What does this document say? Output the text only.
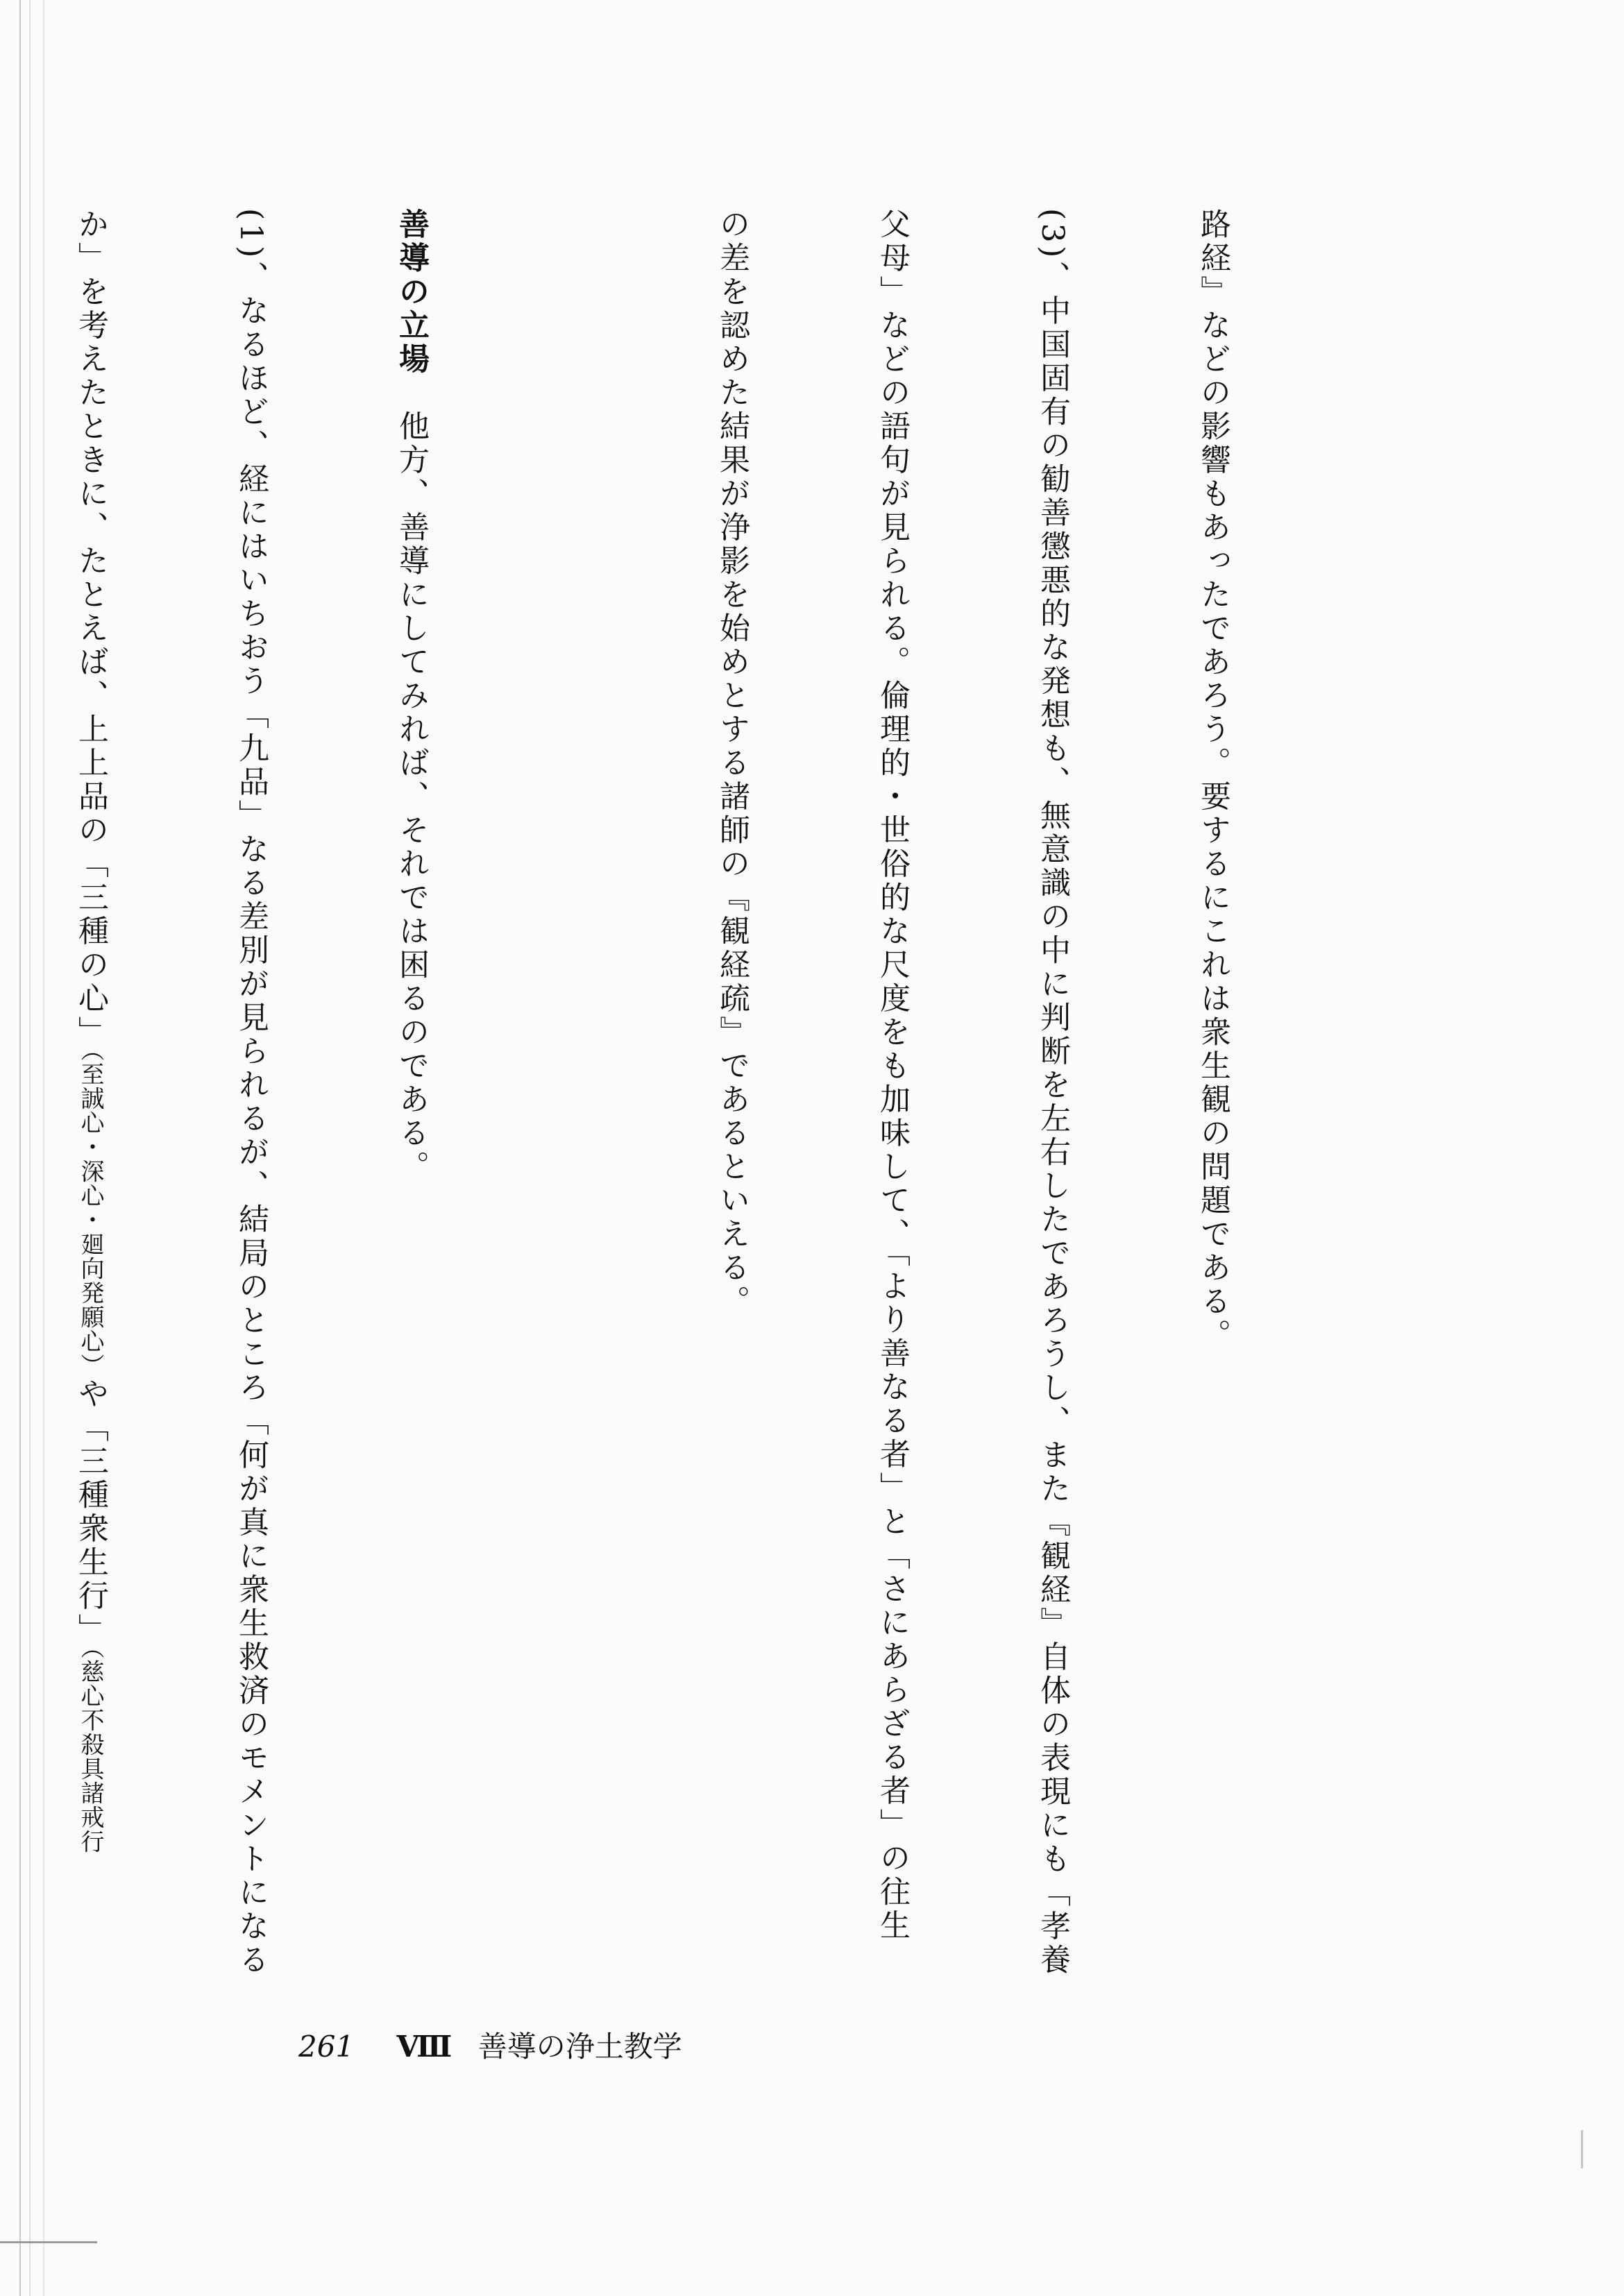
路経』などの影響もあったであろう。要するにこれは衆生観の問題である。

(3)、中国固有の勧善懲悪的な発想も、無意識の中に判断を左右したであろうし、また『観経』自体の表現にも「孝養

父母」などの語句が見られる。倫理的・世俗的な尺度をも加味して、「より善なる者」と「さにあらざる者」の往生

の差を認めた結果が浄影を始めとする諸師の『観経疏』であるといえる。

善導の立場　他方、善導にしてみれば、それでは困るのである。

(1)、なるほど、経にはいちおう「九品」なる差別が見られるが、結局のところ「何が真に衆生救済のモメントになる

か」を考えたときに、たとえば、上上品の「三種の心」（至誠心・深心・廻向発願心）や「三種衆生行」（慈心不殺具諸戒行

261 Ⅷ 善導の浄土教学
